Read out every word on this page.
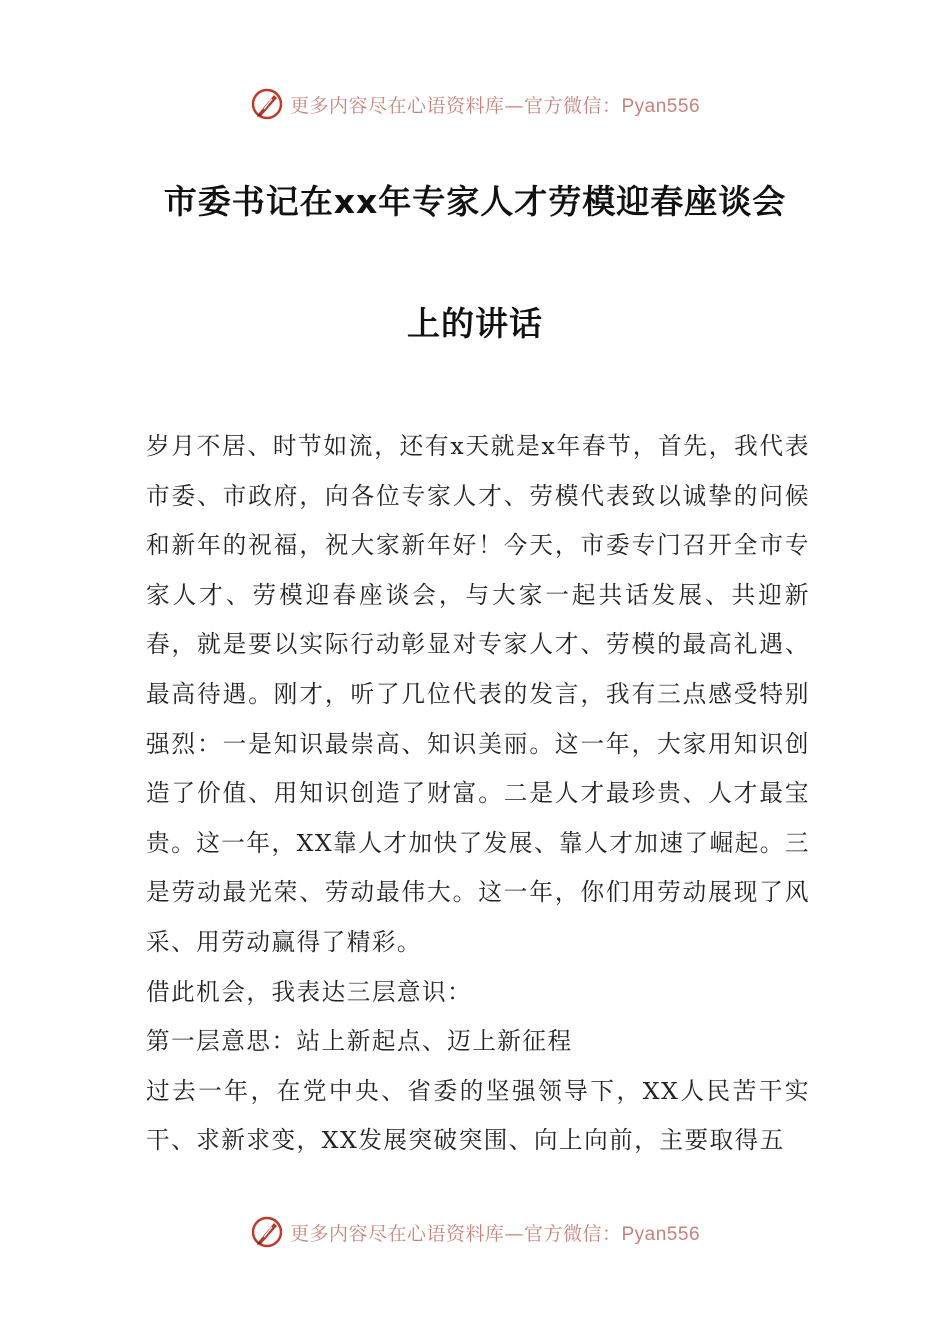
更多内容尽在心语资料库—官方微信：Pyan556
市委书记在xx年专家人才劳模迎春座谈会
上的讲话

岁月不居、时节如流，还有x天就是x年春节，首先，我代表市委、市政府，向各位专家人才、劳模代表致以诚挚的问候和新年的祝福，祝大家新年好！今天，市委专门召开全市专家人才、劳模迎春座谈会，与大家一起共话发展、共迎新春，就是要以实际行动彰显对专家人才、劳模的最高礼遇、最高待遇。刚才，听了几位代表的发言，我有三点感受特别强烈：一是知识最崇高、知识美丽。这一年，大家用知识创造了价值、用知识创造了财富。二是人才最珍贵、人才最宝贵。这一年，XX靠人才加快了发展、靠人才加速了崛起。三是劳动最光荣、劳动最伟大。这一年，你们用劳动展现了风采、用劳动赢得了精彩。

借此机会，我表达三层意识：

第一层意思：站上新起点、迈上新征程

过去一年，在党中央、省委的坚强领导下，XX人民苦干实干、求新求变，XX发展突破突围、向上向前，主要取得五

更多内容尽在心语资料库—官方微信：Pyan556
